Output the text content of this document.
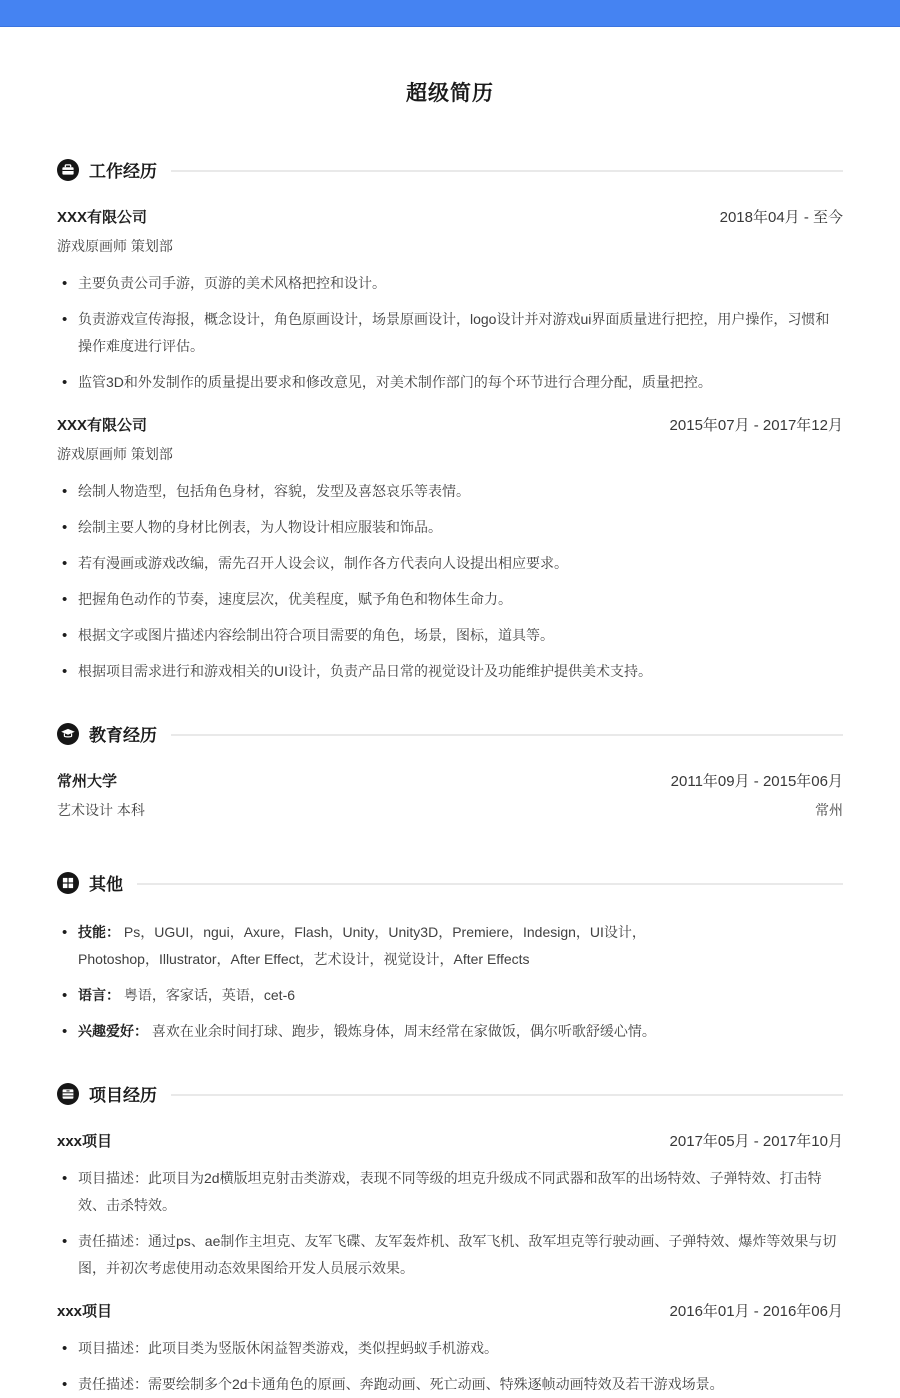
超级简历
工作经历
XXX有限公司	2018年04月 - 至今
游戏原画师 策划部
• 主要负责公司手游，页游的美术风格把控和设计。
• 负责游戏宣传海报，概念设计，角色原画设计，场景原画设计，logo设计并对游戏ui界面质量进行把控，用户操作，习惯和操作难度进行评估。
• 监管3D和外发制作的质量提出要求和修改意见，对美术制作部门的每个环节进行合理分配，质量把控。
XXX有限公司	2015年07月 - 2017年12月
游戏原画师 策划部
• 绘制人物造型，包括角色身材，容貌，发型及喜怒哀乐等表情。
• 绘制主要人物的身材比例表，为人物设计相应服装和饰品。
• 若有漫画或游戏改编，需先召开人设会议，制作各方代表向人设提出相应要求。
• 把握角色动作的节奏，速度层次，优美程度，赋予角色和物体生命力。
• 根据文字或图片描述内容绘制出符合项目需要的角色，场景，图标，道具等。
• 根据项目需求进行和游戏相关的UI设计，负责产品日常的视觉设计及功能维护提供美术支持。
教育经历
常州大学	2011年09月 - 2015年06月
艺术设计 本科	常州
其他
• 技能： Ps，UGUI，ngui，Axure，Flash，Unity，Unity3D，Premiere，Indesign，UI设计，Photoshop，Illustrator，After Effect，艺术设计，视觉设计，After Effects
• 语言： 粤语，客家话，英语，cet-6
• 兴趣爱好： 喜欢在业余时间打球、跑步，锻炼身体，周末经常在家做饭，偶尔听歌舒缓心情。
项目经历
xxx项目	2017年05月 - 2017年10月
• 项目描述：此项目为2d横版坦克射击类游戏，表现不同等级的坦克升级成不同武器和敌军的出场特效、子弹特效、打击特效、击杀特效。
• 责任描述：通过ps、ae制作主坦克、友军飞碟、友军轰炸机、敌军飞机、敌军坦克等行驶动画、子弹特效、爆炸等效果与切图，并初次考虑使用动态效果图给开发人员展示效果。
xxx项目	2016年01月 - 2016年06月
• 项目描述：此项目类为竖版休闲益智类游戏，类似捏蚂蚁手机游戏。
• 责任描述：需要绘制多个2d卡通角色的原画、奔跑动画、死亡动画、特殊逐帧动画特效及若干游戏场景。
